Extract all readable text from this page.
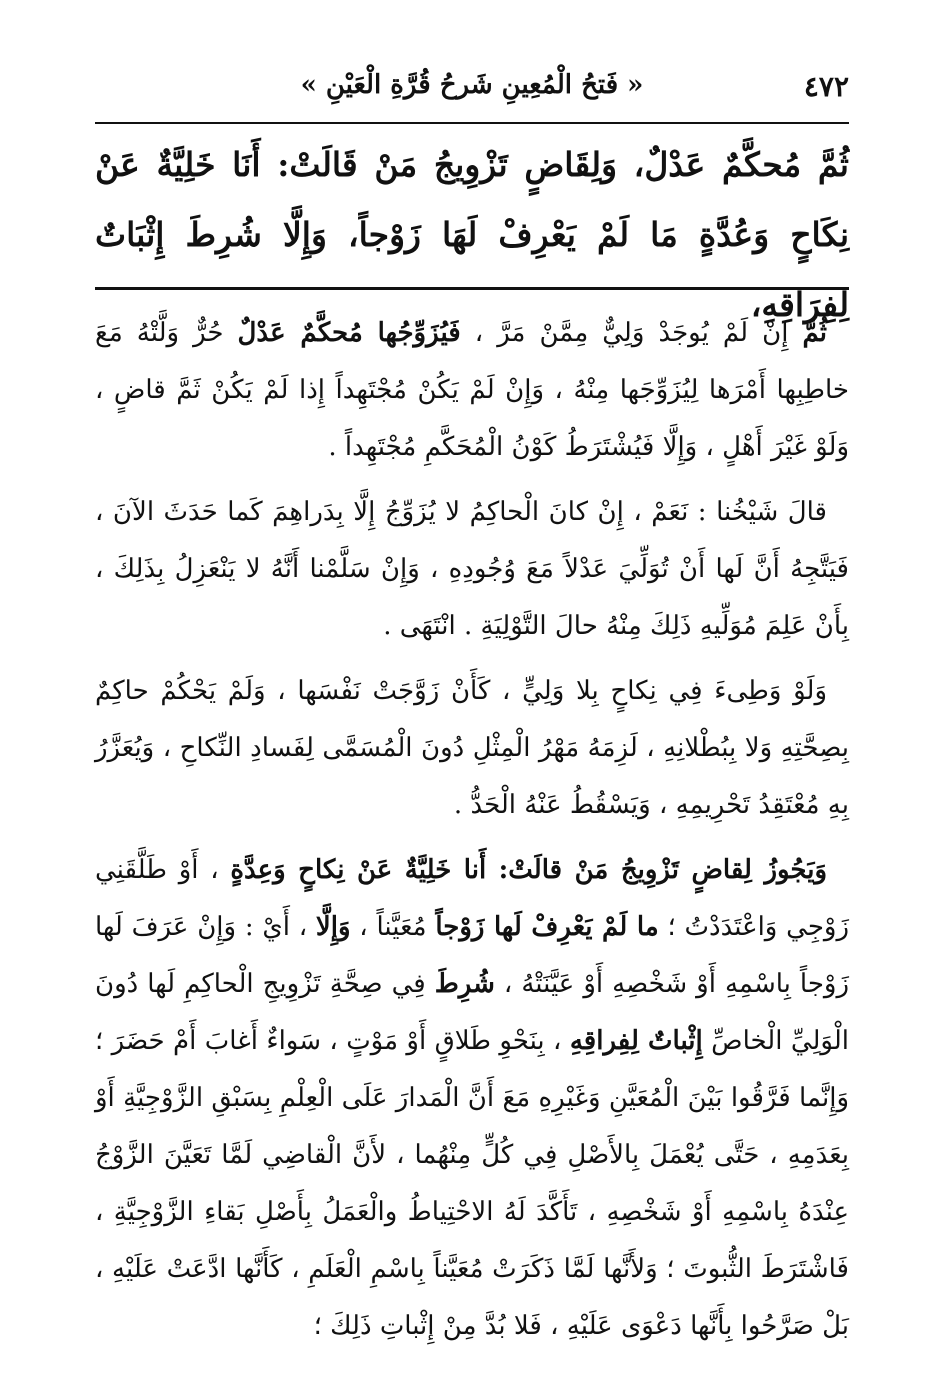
٤٧٢
« فَتحُ الْمُعِينِ شَرحُ قُرَّةِ الْعَيْنِ »
ثُمَّ مُحكَّمٌ عَدْلٌ، وَلِقَاضٍ تَزْوِيجُ مَنْ قَالَتْ: أَنَا خَلِيَّةٌ عَنْ نِكَاحٍ وَعُدَّةٍ مَا لَمْ يَعْرِفْ لَهَا زَوْجاً، وَإِلَّا شُرِطَ إِثْبَاتٌ لِفِرَاقِهِ،

ثُمَّ إِنْ لَمْ يُوجَدْ وَلِيٌّ مِمَّنْ مَرَّ ، فَيُزَوِّجُها مُحكَّمٌ عَدْلٌ حُرٌّ وَلَّتْهُ مَعَ خاطِبِها أَمْرَها لِيُزَوِّجَها مِنْهُ ، وَإِنْ لَمْ يَكُنْ مُجْتَهِداً إِذا لَمْ يَكُنْ ثَمَّ قاضٍ ، وَلَوْ غَيْرَ أَهْلٍ ، وَإِلَّا فَيُشْتَرَطُ كَوْنُ الْمُحَكَّمِ مُجْتَهِداً .

قالَ شَيْخُنا : نَعَمْ ، إِنْ كانَ الْحاكِمُ لا يُزَوِّجُ إِلَّا بِدَراهِمَ كَما حَدَثَ الآنَ ، فَيَتَّجِهُ أَنَّ لَها أَنْ تُوَلِّيَ عَدْلاً مَعَ وُجُودِهِ ، وَإِنْ سَلَّمْنا أَنَّهُ لا يَنْعَزِلُ بِذَلِكَ ، بِأَنْ عَلِمَ مُوَلِّيهِ ذَلِكَ مِنْهُ حالَ التَّوْلِيَةِ . انْتَهَى .

وَلَوْ وَطِىءَ فِي نِكاحٍ بِلا وَلِيٍّ ، كَأَنْ زَوَّجَتْ نَفْسَها ، وَلَمْ يَحْكُمْ حاكِمٌ بِصِحَّتِهِ وَلا بِبُطْلانِهِ ، لَزِمَهُ مَهْرُ الْمِثْلِ دُونَ الْمُسَمَّى لِفَسادِ النِّكاحِ ، وَيُعَزَّرُ بِهِ مُعْتَقِدُ تَحْرِيمِهِ ، وَيَسْقُطُ عَنْهُ الْحَدُّ .

وَيَجُوزُ لِقاضٍ تَزْوِيجُ مَنْ قالَتْ: أَنا خَلِيَّةٌ عَنْ نِكاحٍ وَعِدَّةٍ ، أَوْ طَلَّقَنِي زَوْجِي وَاعْتَدَدْتُ ؛ ما لَمْ يَعْرِفْ لَها زَوْجاً مُعَيَّناً ، وَإِلَّا ، أَيْ : وَإِنْ عَرَفَ لَها زَوْجاً بِاسْمِهِ أَوْ شَخْصِهِ أَوْ عَيَّنَتْهُ ، شُرِطَ فِي صِحَّةِ تَزْوِيجِ الْحاكِمِ لَها دُونَ الْوَلِيِّ الْخاصِّ إِثْباتٌ لِفِراقِهِ ، بِنَحْوِ طَلاقٍ أَوْ مَوْتٍ ، سَواءٌ أَغابَ أَمْ حَضَرَ ؛ وَإِنَّما فَرَّقُوا بَيْنَ الْمُعَيَّنِ وَغَيْرِهِ مَعَ أَنَّ الْمَدارَ عَلَى الْعِلْمِ بِسَبْقِ الزَّوْجِيَّةِ أَوْ بِعَدَمِهِ ، حَتَّى يُعْمَلَ بِالأَصْلِ فِي كُلٍّ مِنْهُما ، لأَنَّ الْقاضِي لَمَّا تَعَيَّنَ الزَّوْجُ عِنْدَهُ بِاسْمِهِ أَوْ شَخْصِهِ ، تَأَكَّدَ لَهُ الاحْتِياطُ والْعَمَلُ بِأَصْلِ بَقاءِ الزَّوْجِيَّةِ ، فَاشْتَرَطَ الثُّبوتَ ؛ وَلأَنَّها لَمَّا ذَكَرَتْ مُعَيَّناً بِاسْمِ الْعَلَمِ ، كَأَنَّها ادَّعَتْ عَلَيْهِ ، بَلْ صَرَّحُوا بِأَنَّها دَعْوَى عَلَيْهِ ، فَلا بُدَّ مِنْ إِثْباتِ ذَلِكَ ؛
